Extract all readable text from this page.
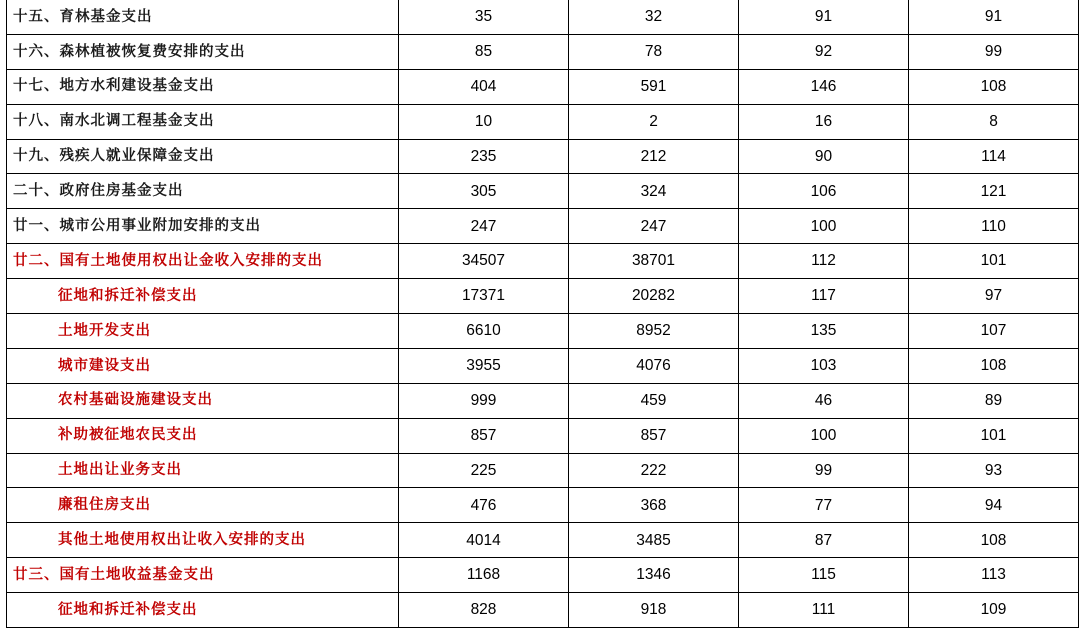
十五、育林基金支出	35	32	91	91
十六、森林植被恢复费安排的支出	85	78	92	99
十七、地方水利建设基金支出	404	591	146	108
十八、南水北调工程基金支出	10	2	16	8
十九、残疾人就业保障金支出	235	212	90	114
二十、政府住房基金支出	305	324	106	121
廿一、城市公用事业附加安排的支出	247	247	100	110
廿二、国有土地使用权出让金收入安排的支出	34507	38701	112	101
征地和拆迁补偿支出	17371	20282	117	97
土地开发支出	6610	8952	135	107
城市建设支出	3955	4076	103	108
农村基础设施建设支出	999	459	46	89
补助被征地农民支出	857	857	100	101
土地出让业务支出	225	222	99	93
廉租住房支出	476	368	77	94
其他土地使用权出让收入安排的支出	4014	3485	87	108
廿三、国有土地收益基金支出	1168	1346	115	113
征地和拆迁补偿支出	828	918	111	109
